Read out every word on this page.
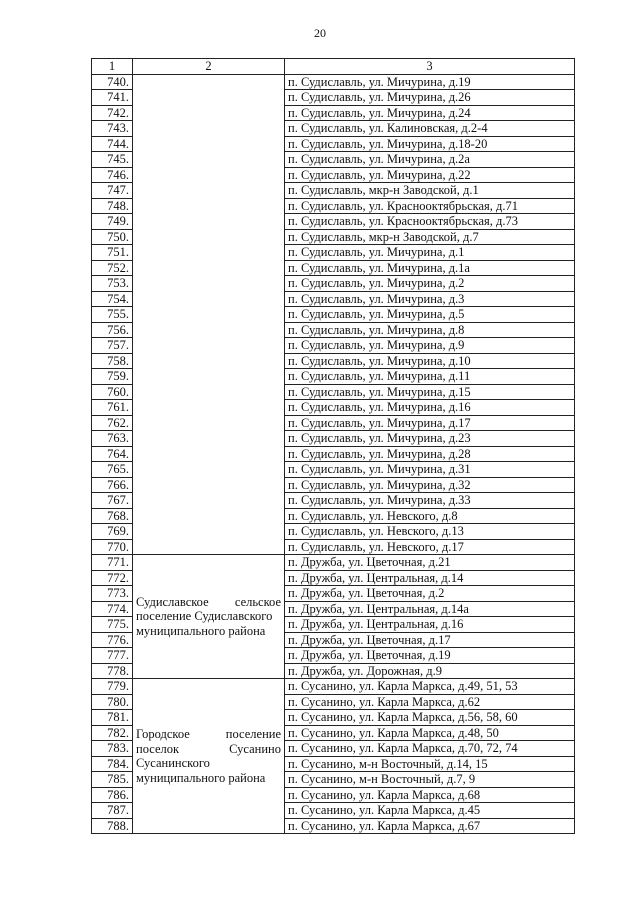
20
1	2	3
740.		п. Судиславль, ул. Мичурина, д.19
741.		п. Судиславль, ул. Мичурина, д.26
742.		п. Судиславль, ул. Мичурина, д.24
743.		п. Судиславль, ул. Калиновская, д.2-4
744.		п. Судиславль, ул. Мичурина, д.18-20
745.		п. Судиславль, ул. Мичурина, д.2а
746.		п. Судиславль, ул. Мичурина, д.22
747.		п. Судиславль, мкр-н Заводской, д.1
748.		п. Судиславль, ул. Краснооктябрьская, д.71
749.		п. Судиславль, ул. Краснооктябрьская, д.73
750.		п. Судиславль, мкр-н Заводской, д.7
751.		п. Судиславль, ул. Мичурина, д.1
752.		п. Судиславль, ул. Мичурина, д.1а
753.		п. Судиславль, ул. Мичурина, д.2
754.		п. Судиславль, ул. Мичурина, д.3
755.		п. Судиславль, ул. Мичурина, д.5
756.		п. Судиславль, ул. Мичурина, д.8
757.		п. Судиславль, ул. Мичурина, д.9
758.		п. Судиславль, ул. Мичурина, д.10
759.		п. Судиславль, ул. Мичурина, д.11
760.		п. Судиславль, ул. Мичурина, д.15
761.		п. Судиславль, ул. Мичурина, д.16
762.		п. Судиславль, ул. Мичурина, д.17
763.		п. Судиславль, ул. Мичурина, д.23
764.		п. Судиславль, ул. Мичурина, д.28
765.		п. Судиславль, ул. Мичурина, д.31
766.		п. Судиславль, ул. Мичурина, д.32
767.		п. Судиславль, ул. Мичурина, д.33
768.		п. Судиславль, ул. Невского, д.8
769.		п. Судиславль, ул. Невского, д.13
770.		п. Судиславль, ул. Невского, д.17
771.	Судиславское сельское
поселение Судиславского
муниципального района	п. Дружба, ул. Цветочная, д.21
772.		п. Дружба, ул. Центральная, д.14
773.		п. Дружба, ул. Цветочная, д.2
774.		п. Дружба, ул. Центральная, д.14а
775.		п. Дружба, ул. Центральная, д.16
776.		п. Дружба, ул. Цветочная, д.17
777.		п. Дружба, ул. Цветочная, д.19
778.		п. Дружба, ул. Дорожная, д.9
779.	Городское поселение
поселок Сусанино
Сусанинского
муниципального района	п. Сусанино, ул. Карла Маркса, д.49, 51, 53
780.		п. Сусанино, ул. Карла Маркса, д.62
781.		п. Сусанино, ул. Карла Маркса, д.56, 58, 60
782.		п. Сусанино, ул. Карла Маркса, д.48, 50
783.		п. Сусанино, ул. Карла Маркса, д.70, 72, 74
784.		п. Сусанино, м-н Восточный, д.14, 15
785.		п. Сусанино, м-н Восточный, д.7, 9
786.		п. Сусанино, ул. Карла Маркса, д.68
787.		п. Сусанино, ул. Карла Маркса, д.45
788.		п. Сусанино, ул. Карла Маркса, д.67
